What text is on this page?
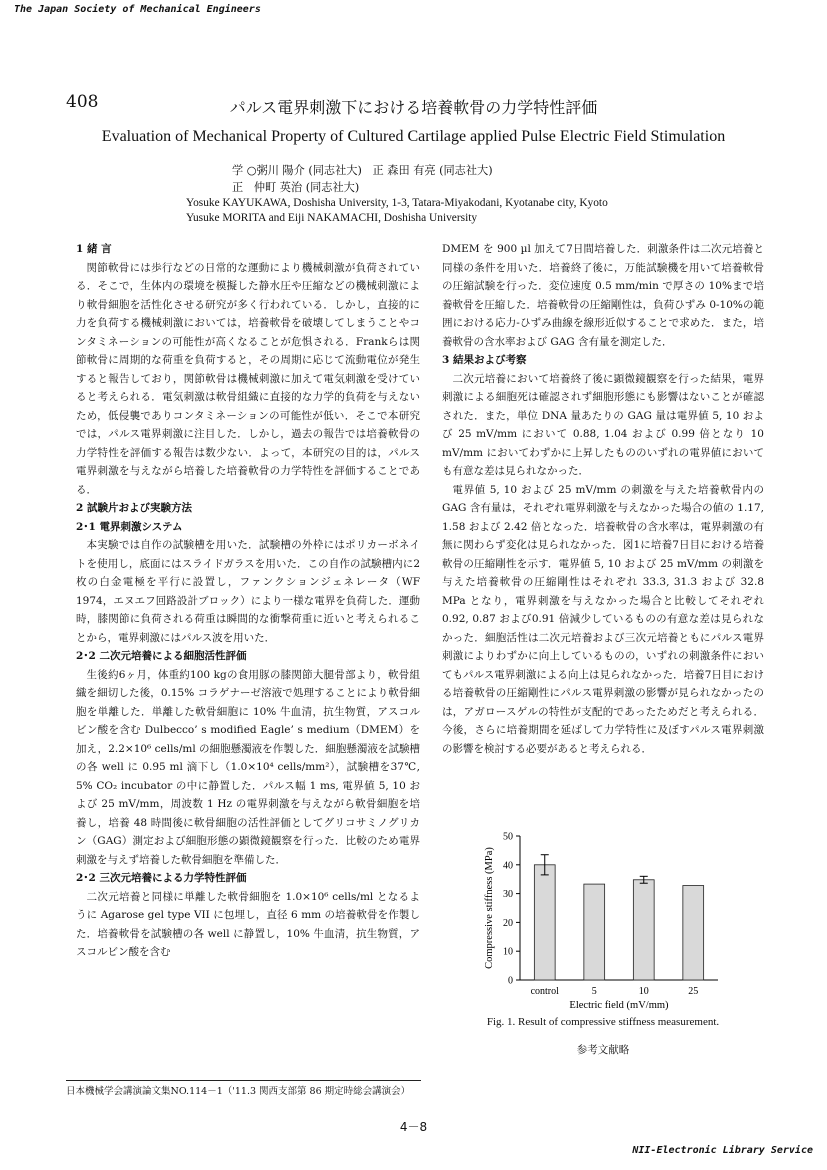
The Japan Society of Mechanical Engineers
408	パルス電界刺激下における培養軟骨の力学特性評価
Evaluation of Mechanical Property of Cultured Cartilage applied Pulse Electric Field Stimulation
学 ○粥川 陽介 (同志社大)   正 森田 有亮 (同志社大)
正   仲町 英治 (同志社大)
Yosuke KAYUKAWA, Doshisha University, 1-3, Tatara-Miyakodani, Kyotanabe city, Kyoto
Yusuke MORITA and Eiji NAKAMACHI, Doshisha University

1 緒 言

関節軟骨には歩行などの日常的な運動により機械刺激が負荷されている．そこで，生体内の環境を模擬した静水圧や圧縮などの機械刺激により軟骨細胞を活性化させる研究が多く行われている．しかし，直接的に力を負荷する機械刺激においては，培養軟骨を破壊してしまうことやコンタミネーションの可能性が高くなることが危惧される．Frankらは関節軟骨に周期的な荷重を負荷すると，その周期に応じて流動電位が発生すると報告しており，関節軟骨は機械刺激に加えて電気刺激を受けていると考えられる．電気刺激は軟骨組織に直接的な力学的負荷を与えないため，低侵襲でありコンタミネーションの可能性が低い．そこで本研究では，パルス電界刺激に注目した．しかし，過去の報告では培養軟骨の力学特性を評価する報告は数少ない．よって，本研究の目的は，パルス電界刺激を与えながら培養した培養軟骨の力学特性を評価することである．

2 試験片および実験方法

2･1 電界刺激システム

本実験では自作の試験槽を用いた．試験槽の外枠にはポリカーボネイトを使用し，底面にはスライドガラスを用いた．この自作の試験槽内に2枚の白金電極を平行に設置し，ファンクションジェネレータ（WF 1974，エヌエフ回路設計ブロック）により一様な電界を負荷した．運動時，膝関節に負荷される荷重は瞬間的な衝撃荷重に近いと考えられることから，電界刺激にはパルス波を用いた．

2･2 二次元培養による細胞活性評価

生後約6ヶ月，体重約100 kgの食用豚の膝関節大腿骨部より，軟骨組織を細切した後，0.15% コラゲナーゼ溶液で処理することにより軟骨細胞を単離した．単離した軟骨細胞に 10% 牛血清，抗生物質，アスコルビン酸を含む Dulbecco’ s modified Eagle’ s medium（DMEM）を加え，2.2×10⁶ cells/ml の細胞懸濁液を作製した．細胞懸濁液を試験槽の各 well に 0.95 ml 滴下し（1.0×10⁴ cells/mm²），試験槽を37℃, 5% CO₂ incubator の中に静置した．パルス幅 1 ms, 電界値 5, 10 および 25 mV/mm，周波数 1 Hz の電界刺激を与えながら軟骨細胞を培養し，培養 48 時間後に軟骨細胞の活性評価としてグリコサミノグリカン（GAG）測定および細胞形態の顕微鏡観察を行った．比較のため電界刺激を与えず培養した軟骨細胞を準備した．

2･2 三次元培養による力学特性評価

二次元培養と同様に単離した軟骨細胞を 1.0×10⁶ cells/ml となるように Agarose gel type VII に包埋し，直径 6 mm の培養軟骨を作製した．培養軟骨を試験槽の各 well に静置し，10% 牛血清，抗生物質，アスコルビン酸を含む

DMEM を 900 µl 加えて7日間培養した．刺激条件は二次元培養と同様の条件を用いた．培養終了後に，万能試験機を用いて培養軟骨の圧縮試験を行った．変位速度 0.5 mm/min で厚さの 10%まで培養軟骨を圧縮した．培養軟骨の圧縮剛性は，負荷ひずみ 0-10%の範囲における応力-ひずみ曲線を線形近似することで求めた．また，培養軟骨の含水率および GAG 含有量を測定した．

3 結果および考察

二次元培養において培養終了後に顕微鏡観察を行った結果，電界刺激による細胞死は確認されず細胞形態にも影響はないことが確認された．また，単位 DNA 量あたりの GAG 量は電界値 5, 10 および 25 mV/mm において 0.88, 1.04 および 0.99 倍となり 10 mV/mm においてわずかに上昇したもののいずれの電界値においても有意な差は見られなかった．

電界値 5, 10 および 25 mV/mm の刺激を与えた培養軟骨内の GAG 含有量は，それぞれ電界刺激を与えなかった場合の値の 1.17, 1.58 および 2.42 倍となった．培養軟骨の含水率は，電界刺激の有無に関わらず変化は見られなかった．図1に培養7日目における培養軟骨の圧縮剛性を示す．電界値 5, 10 および 25 mV/mm の刺激を与えた培養軟骨の圧縮剛性はそれぞれ 33.3, 31.3 および 32.8 MPa となり，電界刺激を与えなかった場合と比較してそれぞれ 0.92, 0.87 および0.91 倍減少しているものの有意な差は見られなかった．細胞活性は二次元培養および三次元培養ともにパルス電界刺激によりわずかに向上しているものの，いずれの刺激条件においてもパルス電界刺激による向上は見られなかった．培養7日目における培養軟骨の圧縮剛性にパルス電界刺激の影響が見られなかったのは，アガロースゲルの特性が支配的であったためだと考えられる．今後，さらに培養期間を延ばして力学特性に及ぼすパルス電界刺激の影響を検討する必要があると考えられる．

0
10
20
30
40
50
control	5	10	25
Electric field (mV/mm)
Compressive stiffness (MPa)
Fig. 1. Result of compressive stiffness measurement.
参考文献略
日本機械学会講演論文集NO.114－1（'11.3 関西支部第 86 期定時総会講演会）
4－8
NII-Electronic Library Service
